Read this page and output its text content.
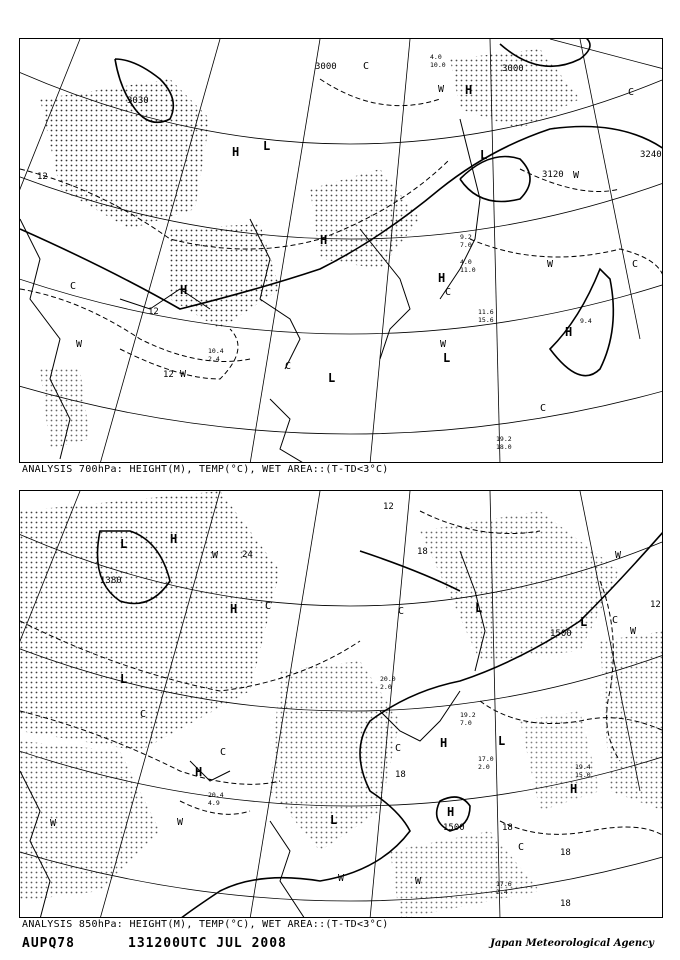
3000
3030
3000
3120
3240
12
12
12
H
H
H
L
L
L
H
L
H
H
W
W
W
W	W
C
C
C
C
C
C
C
W
11.6
15.6
19.2
18.0
10.4
2.4
9.4
4.0
10.0
4.0
11.0
9.2
7.0
ANALYSIS 700hPa: HEIGHT(M), TEMP(°C), WET AREA::(T-TD<3°C)
1380
1500
1500
24	18
18
18
18
12
12
18
L	H
H	L
H
H
L
L
L
H
H
L
W	W
W	W
W
W
C
C
C
C
C
C
C
W	17.6
2.4
19.2
7.0
20.0
2.0
17.0
2.0
20.4
4.9
19.4
15.0
ANALYSIS 850hPa: HEIGHT(M), TEMP(°C), WET AREA::(T-TD<3°C)
AUPQ78	131200UTC JUL 2008	Japan Meteorological Agency
